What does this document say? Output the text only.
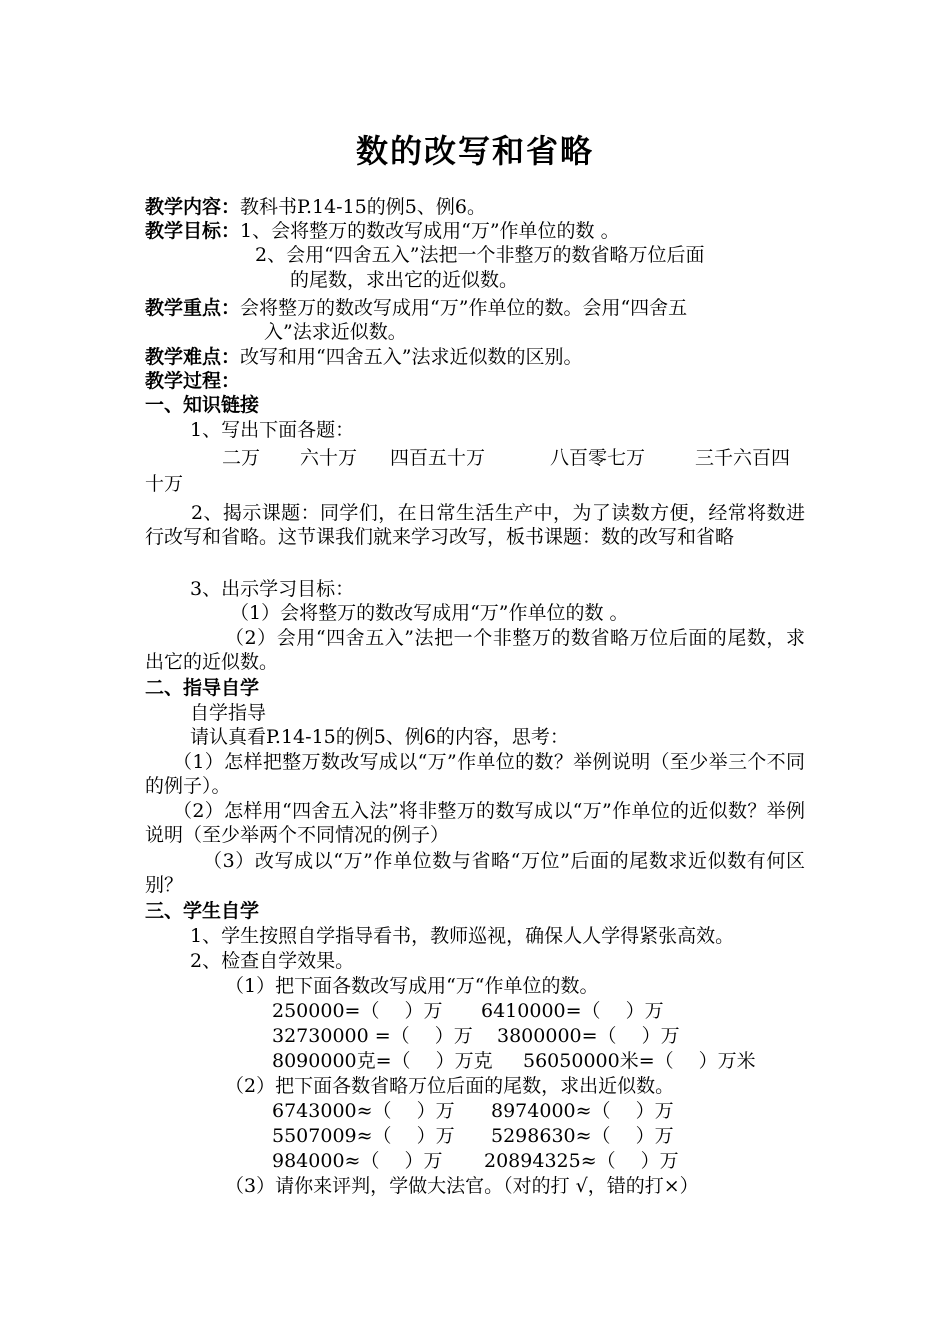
数的改写和省略
教学内容：教科书P.14-15的例5、例6。
教学目标：1、会将整万的数改写成用“万”作单位的数 。
2、会用“四舍五入”法把一个非整万的数省略万位后面
的尾数，求出它的近似数。
教学重点：会将整万的数改写成用“万”作单位的数。会用“四舍五
入”法求近似数。
教学难点：改写和用“四舍五入”法求近似数的区别。
教学过程：
一、知识链接
1、写出下面各题：
二万 六十万 四百五十万	八百零七万	三千六百四
十万
2、揭示课题：同学们，在日常生活生产中，为了读数方便，经常将数进行改写和省略。这节课我们就来学习改写，板书课题：数的改写和省略
3、出示学习目标：
（1）会将整万的数改写成用“万”作单位的数 。
（2）会用“四舍五入”法把一个非整万的数省略万位后面的尾数，求出它的近似数。
二、指导自学
自学指导
请认真看P.14-15的例5、例6的内容，思考：
（1）怎样把整万数改写成以“万”作单位的数？举例说明（至少举三个不同的例子）。
（2）怎样用“四舍五入法”将非整万的数写成以“万”作单位的近似数？举例说明（至少举两个不同情况的例子）
（3）改写成以“万”作单位数与省略“万位”后面的尾数求近似数有何区别？
三、学生自学
1、学生按照自学指导看书，教师巡视，确保人人学得紧张高效。
2、检查自学效果。
（1）把下面各数改写成用“万“作单位的数。
250000=（　 ）万 6410000=（　 ）万
32730000 =（　 ）万 3800000=（　 ）万
8090000克=（　 ）万克 56050000米=（　 ）万米
（2）把下面各数省略万位后面的尾数，求出近似数。
6743000≈（　 ）万 8974000≈（　 ）万
5507009≈（　 ）万 5298630≈（　 ）万
984000≈（　 ）万 20894325≈（　 ）万
（3）请你来评判，学做大法官。（对的打 √，错的打×）
